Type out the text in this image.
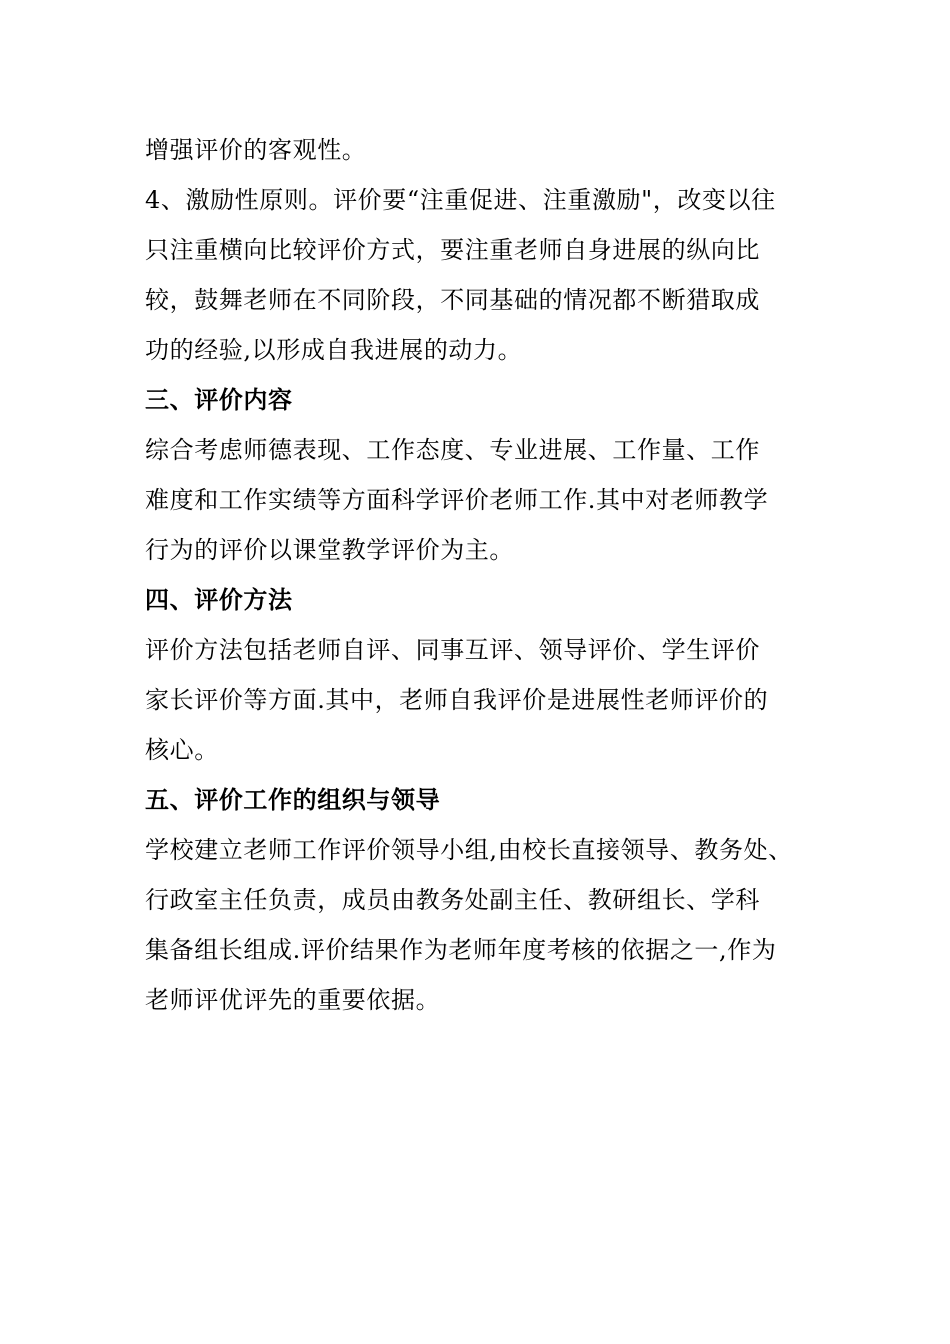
增强评价的客观性。
4、激励性原则。评价要“注重促进、注重激励"，改变以往
只注重横向比较评价方式，要注重老师自身进展的纵向比
较，鼓舞老师在不同阶段，不同基础的情况都不断猎取成
功的经验,以形成自我进展的动力。
三、评价内容
综合考虑师德表现、工作态度、专业进展、工作量、工作
难度和工作实绩等方面科学评价老师工作.其中对老师教学
行为的评价以课堂教学评价为主。
四、评价方法
评价方法包括老师自评、同事互评、领导评价、学生评价
家长评价等方面.其中，老师自我评价是进展性老师评价的
核心。
五、评价工作的组织与领导
学校建立老师工作评价领导小组,由校长直接领导、教务处、
行政室主任负责，成员由教务处副主任、教研组长、学科
集备组长组成.评价结果作为老师年度考核的依据之一,作为
老师评优评先的重要依据。
